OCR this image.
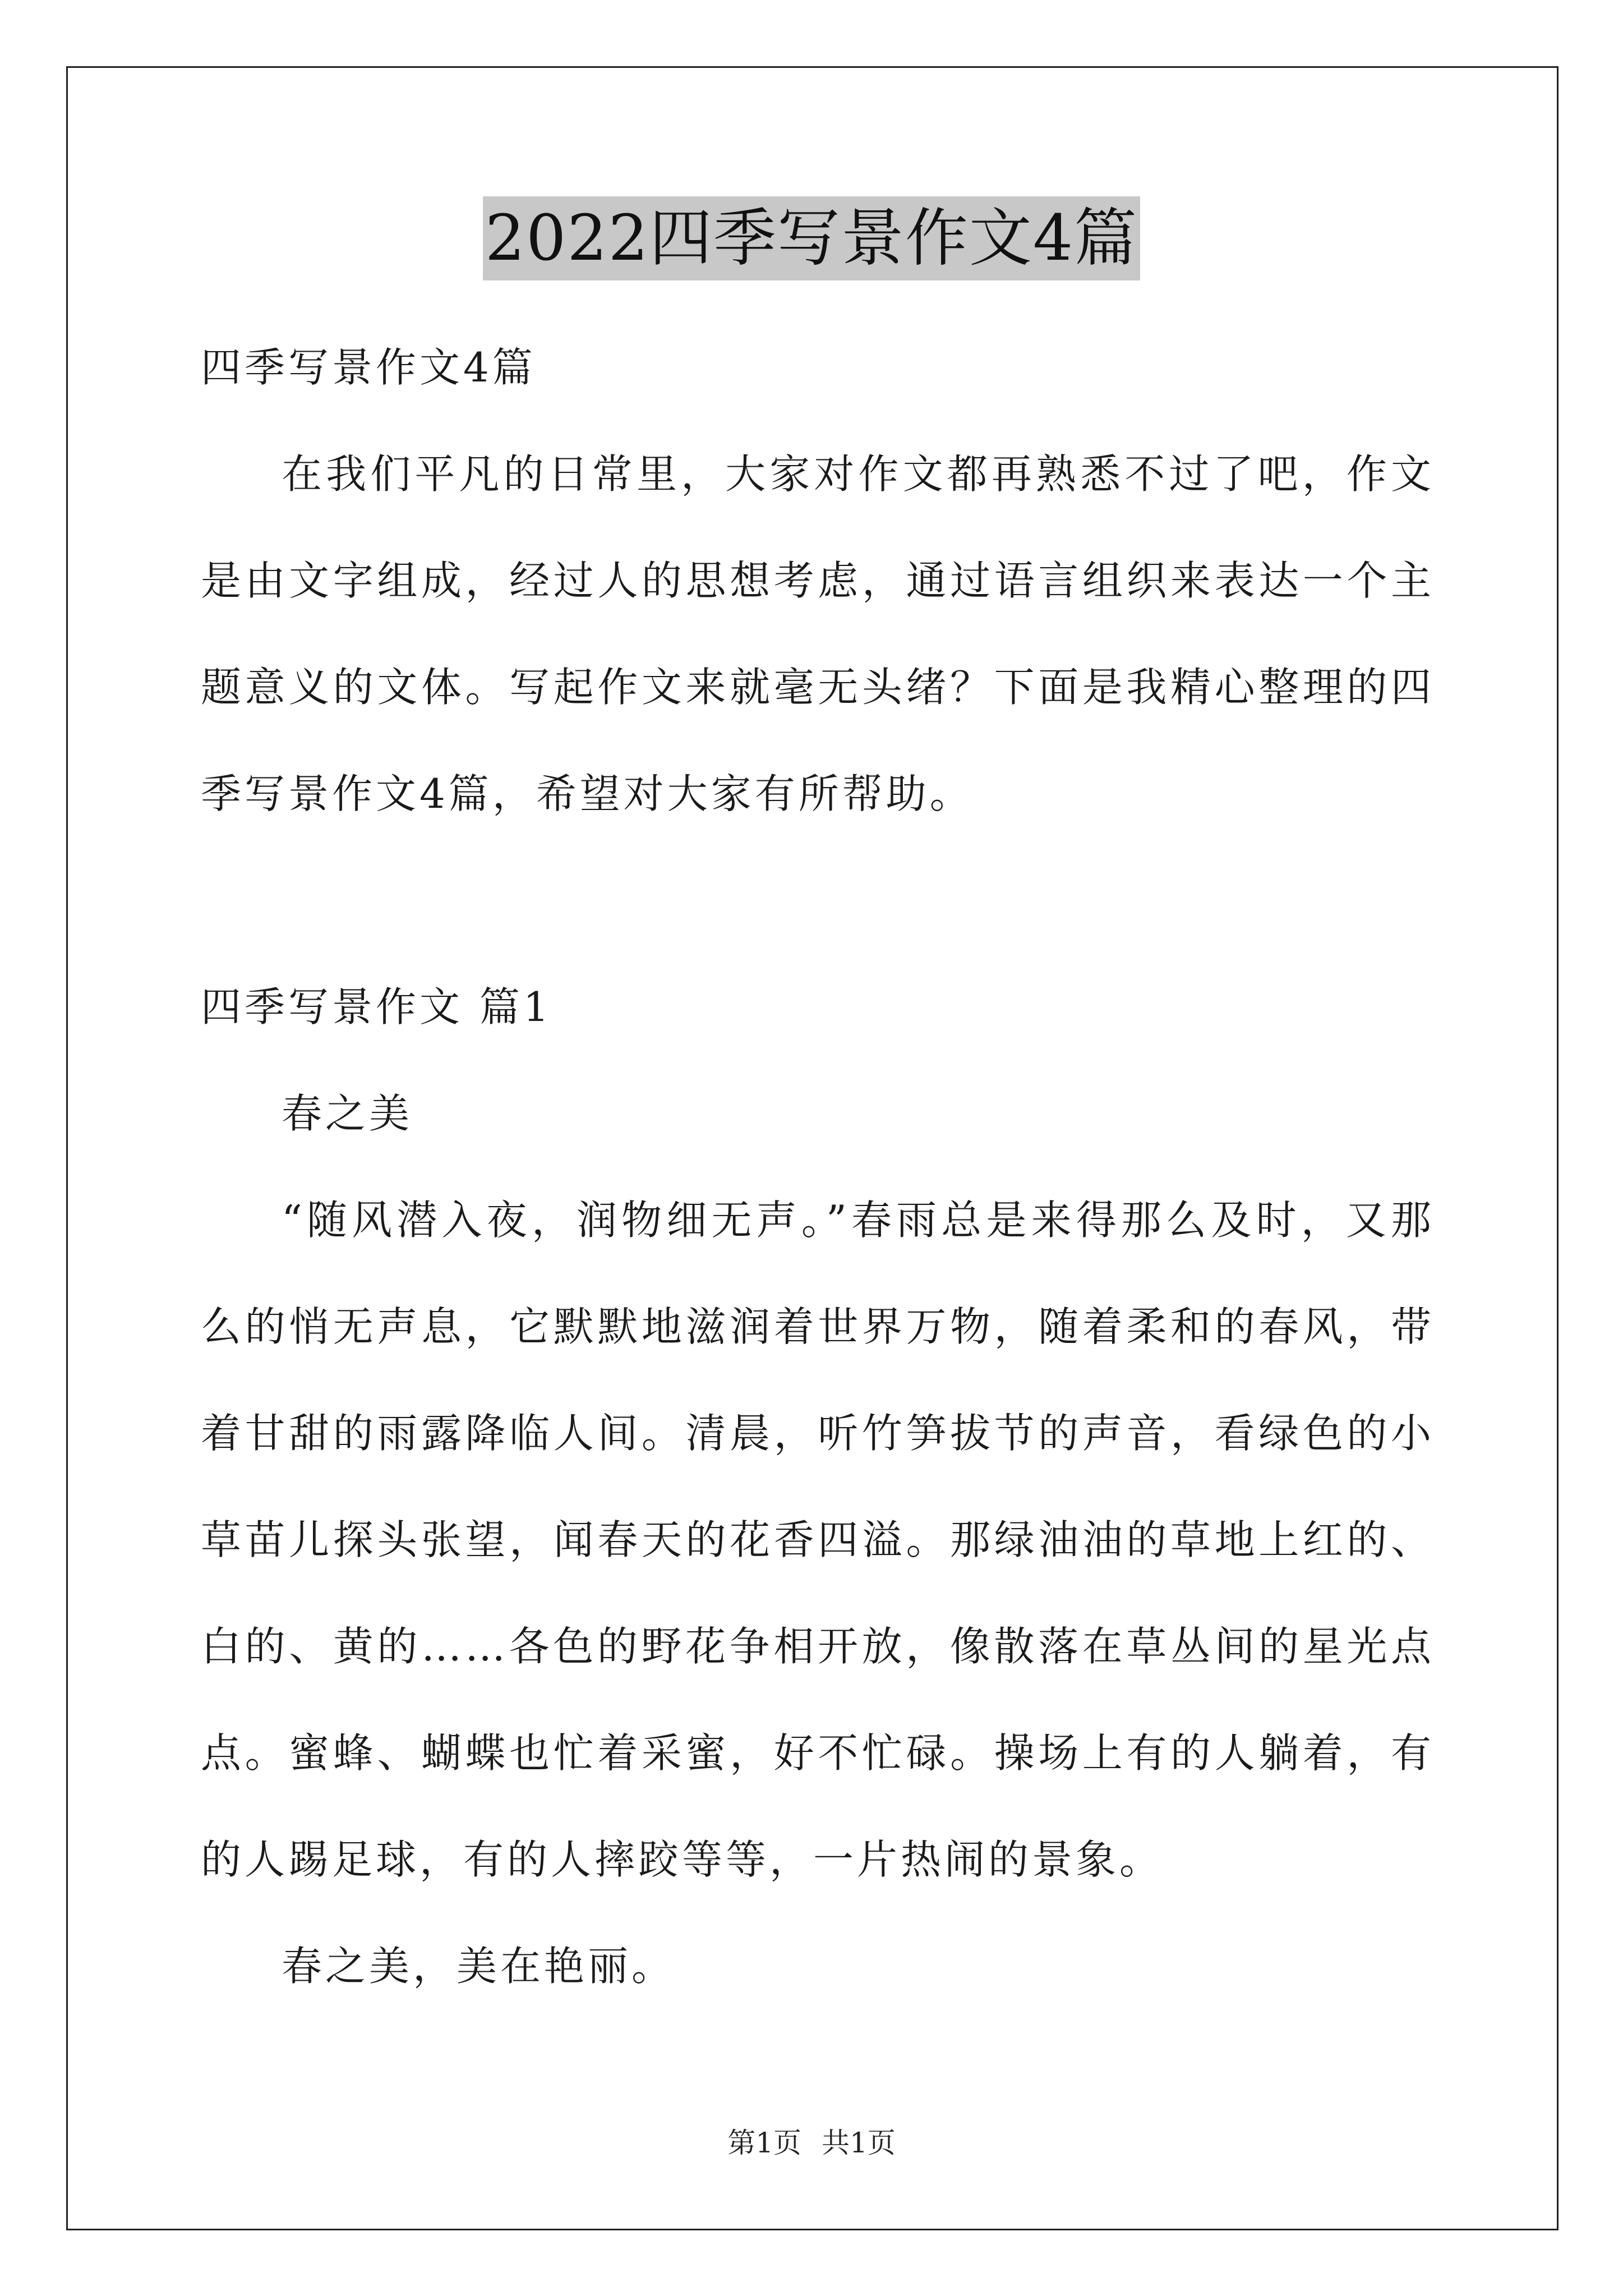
2022四季写景作文4篇

四季写景作文4篇

在我们平凡的日常里，大家对作文都再熟悉不过了吧，作文是由文字组成，经过人的思想考虑，通过语言组织来表达一个主题意义的文体。写起作文来就毫无头绪？下面是我精心整理的四季写景作文4篇，希望对大家有所帮助。

四季写景作文 篇1

春之美

“随风潜入夜，润物细无声。”春雨总是来得那么及时，又那么的悄无声息，它默默地滋润着世界万物，随着柔和的春风，带着甘甜的雨露降临人间。清晨，听竹笋拔节的声音，看绿色的小草苗儿探头张望，闻春天的花香四溢。那绿油油的草地上红的、白的、黄的……各色的野花争相开放，像散落在草丛间的星光点点。蜜蜂、蝴蝶也忙着采蜜，好不忙碌。操场上有的人躺着，有的人踢足球，有的人摔跤等等，一片热闹的景象。

春之美，美在艳丽。

第1页 共1页
